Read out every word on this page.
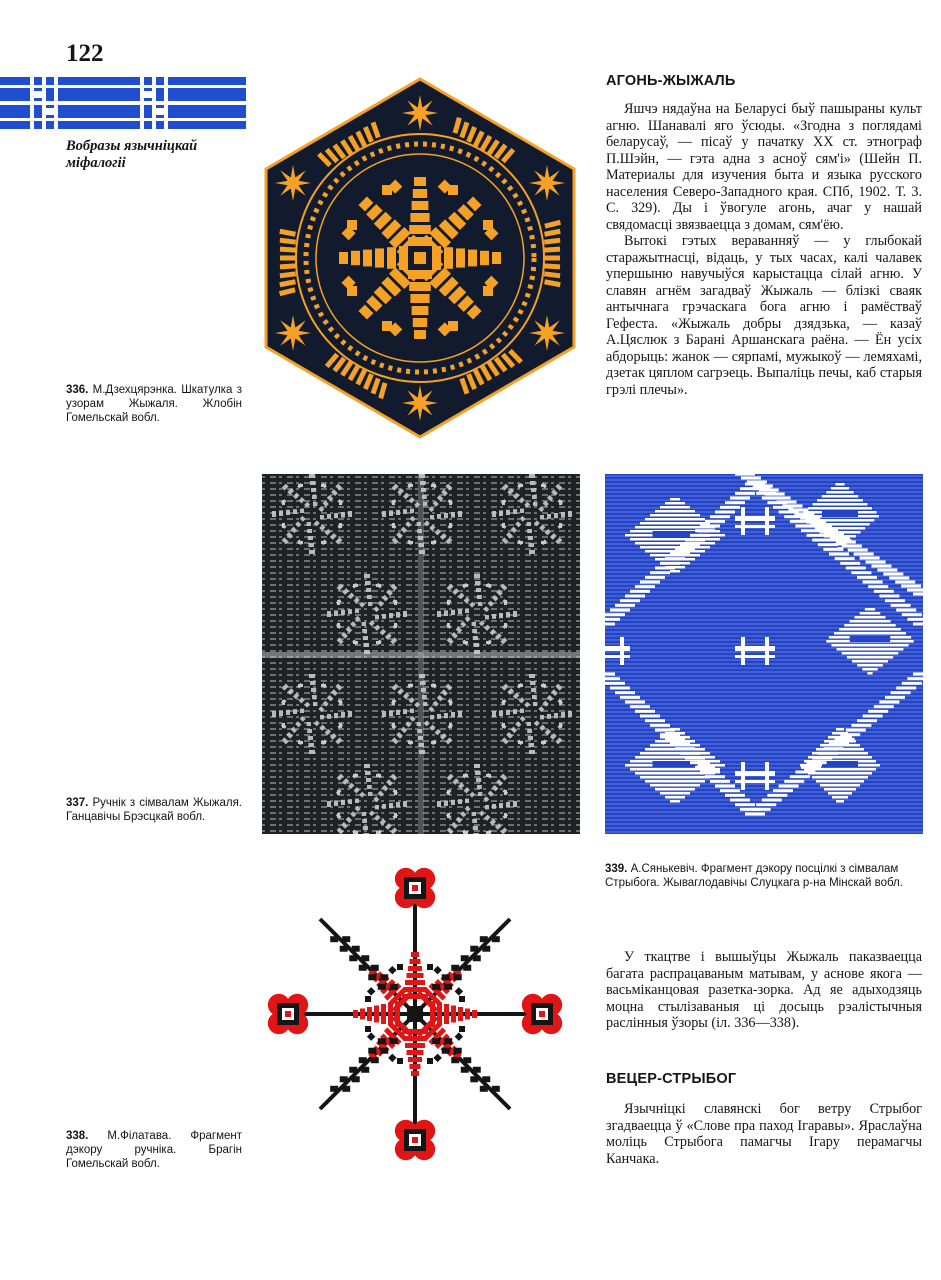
122
Вобразы язычніцкай міфалогіі
336. М.Дзехцярэнка. Шкатулка з узорам Жыжаля. Жлобін Гомельскай вобл.
337. Ручнік з сімвалам Жыжаля. Ганцавічы Брэсцкай вобл.
338. М.Філатава. Фрагмент дэкору ручніка. Брагін Гомельскай вобл.
339. А.Сянькевіч. Фрагмент дэкору посцілкі з сімвалам Стрыбога. Жываглодавічы Слуцкага р-на Мінскай вобл.
АГОНЬ-ЖЫЖАЛЬ

Яшчэ нядаўна на Беларусі быў пашыраны культ агню. Шанавалі яго ўсюды. «Згодна з поглядамі беларусаў, — пісаў у пачатку XX ст. этнограф П.Шэйн, — гэта адна з асноў сям'і» (Шейн П. Материалы для изучения быта и языка русского населения Северо-Западного края. СПб, 1902. Т. 3. С. 329). Ды і ўвогуле агонь, ачаг у нашай свядомасці звязваецца з домам, сям'ёю.

Вытокі гэтых вераванняў — у глыбокай старажытнасці, відаць, у тых часах, калі чалавек упершыню навучыўся карыстацца сілай агню. У славян агнём загадваў Жыжаль — блізкі сваяк антычнага грэчаскага бога агню і рамёстваў Гефеста. «Жыжаль добры дзядзька, — казаў А.Цяслюк з Барані Аршанскага раёна. — Ён усіх абдорыць: жанок — сярпамі, мужыкоў — лемяхамі, дзетак цяплом сагрэець. Выпаліць печы, каб старыя грэлі плечы».

У ткацтве і вышыўцы Жыжаль паказваецца багата распрацаваным матывам, у аснове якога — васьміканцовая разетка-зорка. Ад яе адыходзяць моцна стылізаваныя ці досыць рэалістычныя раслінныя ўзоры (іл. 336—338).

ВЕЦЕР-СТРЫБОГ

Язычніцкі славянскі бог ветру Стрыбог згадваецца ў «Слове пра паход Ігаравы». Яраслаўна моліць Стрыбога памагчы Ігару перамагчы Канчака.
